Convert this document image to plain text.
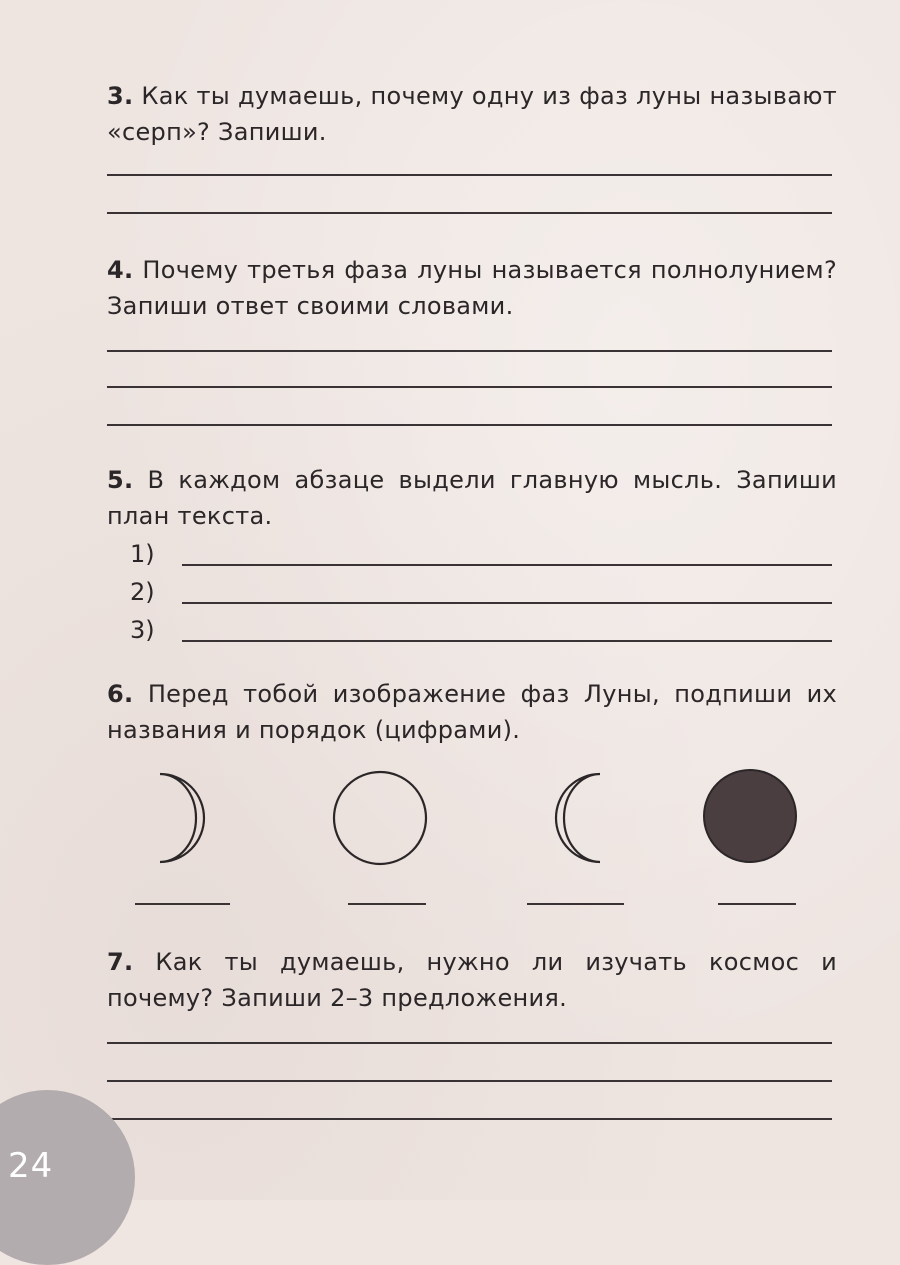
3. Как ты думаешь, почему одну из фаз луны называют «серп»? Запиши.

4. Почему третья фаза луны называется полнолунием? Запиши ответ своими словами.

5. В каждом абзаце выдели главную мысль. Запиши план текста.

1)
2)
3)

6. Перед тобой изображение фаз Луны, подпиши их названия и порядок (цифрами).

7. Как ты думаешь, нужно ли изучать космос и почему? Запиши 2–3 предложения.

24
